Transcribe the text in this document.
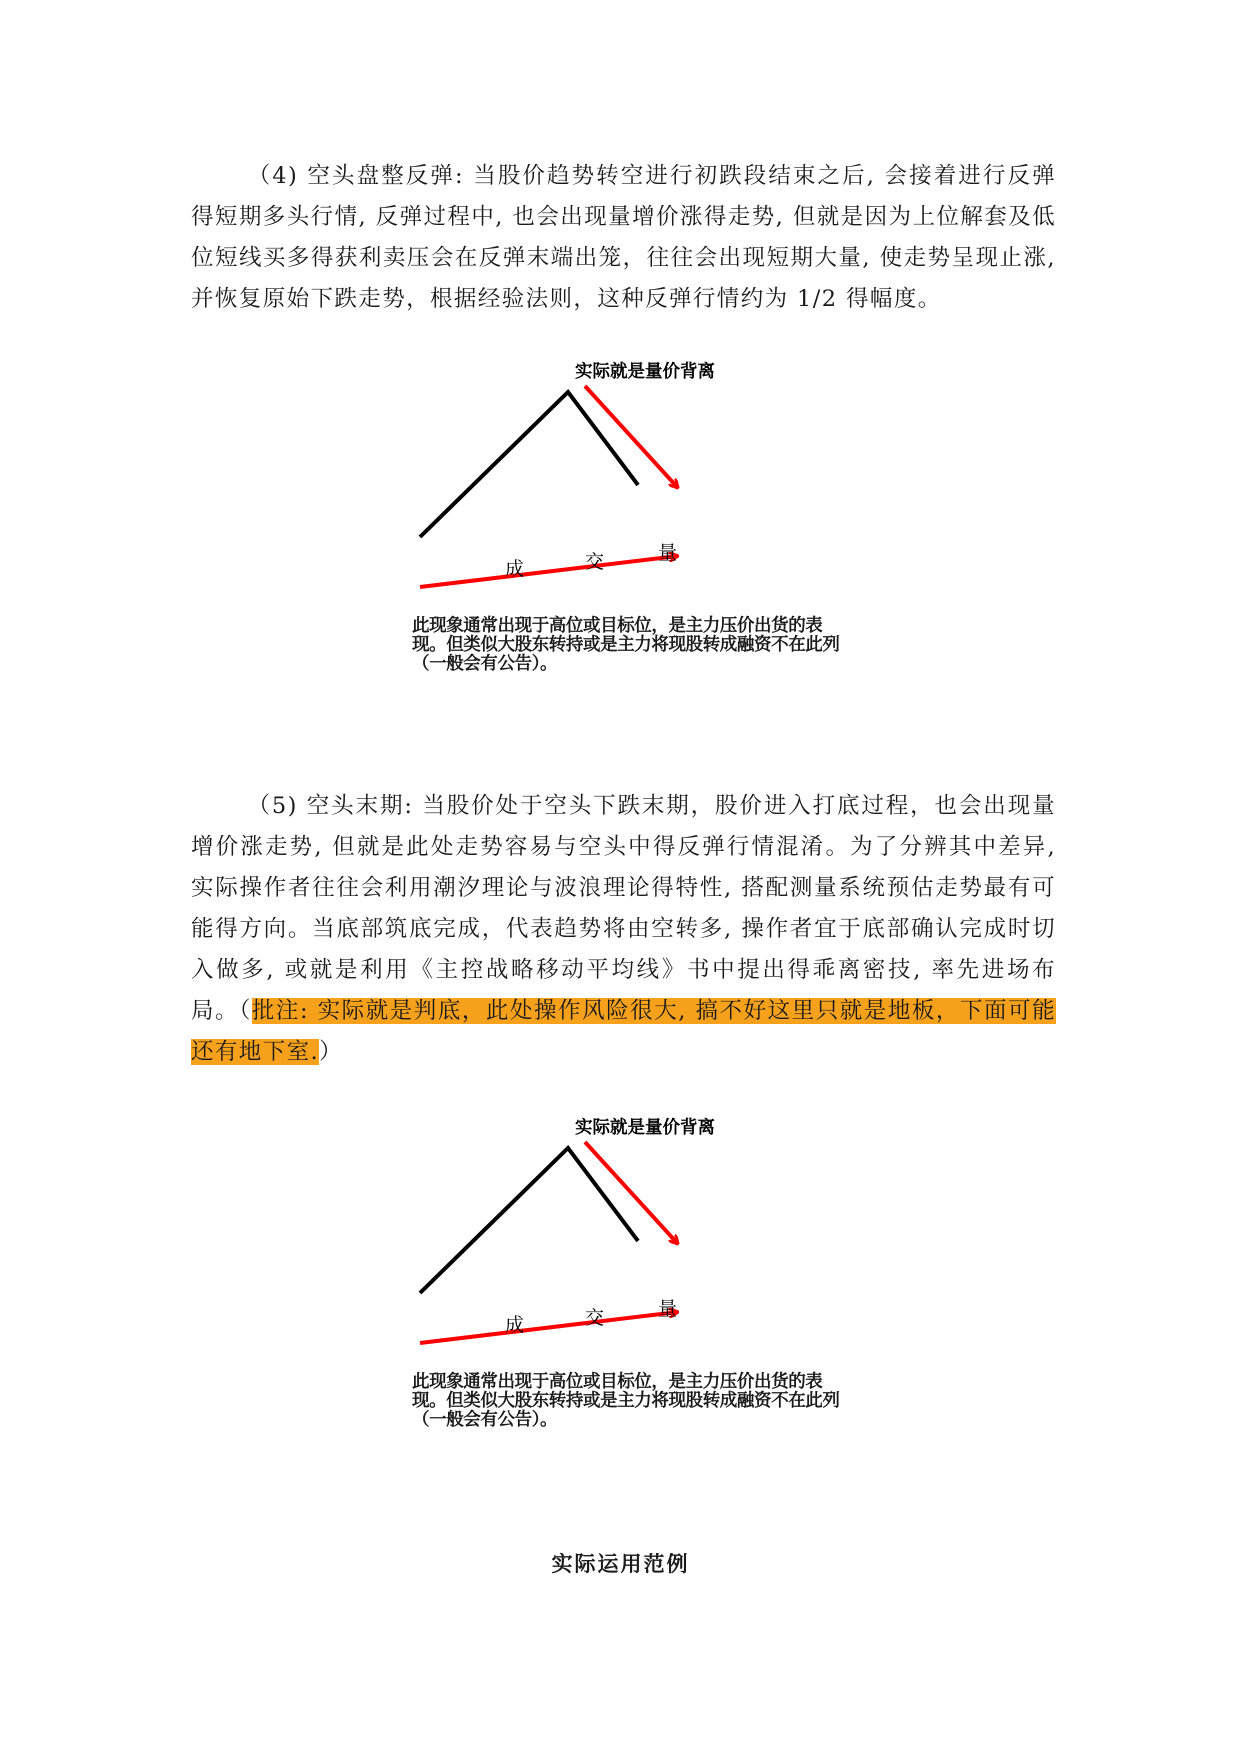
（4) 空头盘整反弹: 当股价趋势转空进行初跌段结束之后, 会接着进行反弹得短期多头行情, 反弹过程中, 也会出现量增价涨得走势, 但就是因为上位解套及低位短线买多得获利卖压会在反弹末端出笼，往往会出现短期大量, 使走势呈现止涨, 并恢复原始下跌走势，根据经验法则，这种反弹行情约为 1/2 得幅度。

实际就是量价背离
成	交	量

此现象通常出现于高位或目标位，是主力压价出货的表现。但类似大股东转持或是主力将现股转成融资不在此列（一般会有公告）。

（5) 空头末期: 当股价处于空头下跌末期，股价进入打底过程，也会出现量增价涨走势, 但就是此处走势容易与空头中得反弹行情混淆。为了分辨其中差异, 实际操作者往往会利用潮汐理论与波浪理论得特性, 搭配测量系统预估走势最有可能得方向。当底部筑底完成，代表趋势将由空转多, 操作者宜于底部确认完成时切入做多, 或就是利用《主控战略移动平均线》书中提出得乖离密技, 率先进场布局。（批注: 实际就是判底，此处操作风险很大, 搞不好这里只就是地板，下面可能还有地下室.）

实际就是量价背离
成	交	量

此现象通常出现于高位或目标位，是主力压价出货的表现。但类似大股东转持或是主力将现股转成融资不在此列（一般会有公告）。

实际运用范例
